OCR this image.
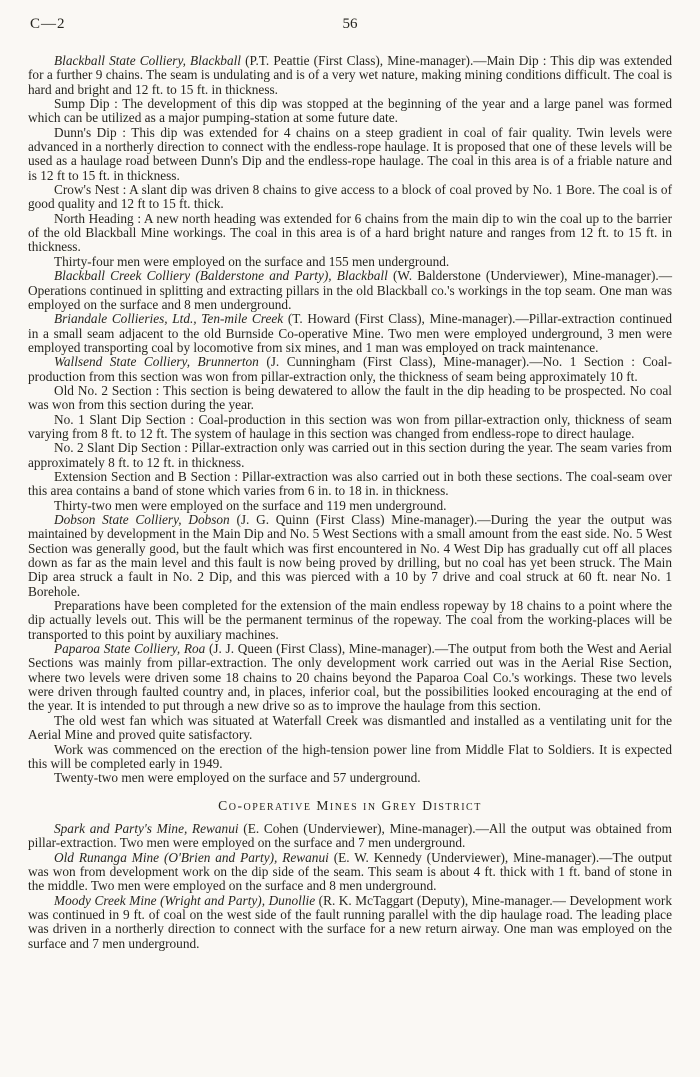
C—2	56

Blackball State Colliery, Blackball (P.T. Peattie (First Class), Mine-manager).—Main Dip : This dip was extended for a further 9 chains. The seam is undulating and is of a very wet nature, making mining conditions difficult. The coal is hard and bright and 12 ft. to 15 ft. in thickness.

Sump Dip : The development of this dip was stopped at the beginning of the year and a large panel was formed which can be utilized as a major pumping-station at some future date.

Dunn's Dip : This dip was extended for 4 chains on a steep gradient in coal of fair quality. Twin levels were advanced in a northerly direction to connect with the endless-rope haulage. It is proposed that one of these levels will be used as a haulage road between Dunn's Dip and the endless-rope haulage. The coal in this area is of a friable nature and is 12 ft to 15 ft. in thickness.

Crow's Nest : A slant dip was driven 8 chains to give access to a block of coal proved by No. 1 Bore. The coal is of good quality and 12 ft to 15 ft. thick.

North Heading : A new north heading was extended for 6 chains from the main dip to win the coal up to the barrier of the old Blackball Mine workings. The coal in this area is of a hard bright nature and ranges from 12 ft. to 15 ft. in thickness.

Thirty-four men were employed on the surface and 155 men underground.

Blackball Creek Colliery (Balderstone and Party), Blackball (W. Balderstone (Underviewer), Mine-manager).—Operations continued in splitting and extracting pillars in the old Blackball co.'s workings in the top seam. One man was employed on the surface and 8 men underground.

Briandale Collieries, Ltd., Ten-mile Creek (T. Howard (First Class), Mine-manager).—Pillar-extraction continued in a small seam adjacent to the old Burnside Co-operative Mine. Two men were employed underground, 3 men were employed transporting coal by locomotive from six mines, and 1 man was employed on track maintenance.

Wallsend State Colliery, Brunnerton (J. Cunningham (First Class), Mine-manager).—No. 1 Section : Coal-production from this section was won from pillar-extraction only, the thickness of seam being approximately 10 ft.

Old No. 2 Section : This section is being dewatered to allow the fault in the dip heading to be prospected. No coal was won from this section during the year.

No. 1 Slant Dip Section : Coal-production in this section was won from pillar-extraction only, thickness of seam varying from 8 ft. to 12 ft. The system of haulage in this section was changed from endless-rope to direct haulage.

No. 2 Slant Dip Section : Pillar-extraction only was carried out in this section during the year. The seam varies from approximately 8 ft. to 12 ft. in thickness.

Extension Section and B Section : Pillar-extraction was also carried out in both these sections. The coal-seam over this area contains a band of stone which varies from 6 in. to 18 in. in thickness.

Thirty-two men were employed on the surface and 119 men underground.

Dobson State Colliery, Dobson (J. G. Quinn (First Class) Mine-manager).—During the year the output was maintained by development in the Main Dip and No. 5 West Sections with a small amount from the east side. No. 5 West Section was generally good, but the fault which was first encountered in No. 4 West Dip has gradually cut off all places down as far as the main level and this fault is now being proved by drilling, but no coal has yet been struck. The Main Dip area struck a fault in No. 2 Dip, and this was pierced with a 10 by 7 drive and coal struck at 60 ft. near No. 1 Borehole.

Preparations have been completed for the extension of the main endless ropeway by 18 chains to a point where the dip actually levels out. This will be the permanent terminus of the ropeway. The coal from the working-places will be transported to this point by auxiliary machines.

Paparoa State Colliery, Roa (J. J. Queen (First Class), Mine-manager).—The output from both the West and Aerial Sections was mainly from pillar-extraction. The only development work carried out was in the Aerial Rise Section, where two levels were driven some 18 chains to 20 chains beyond the Paparoa Coal Co.'s workings. These two levels were driven through faulted country and, in places, inferior coal, but the possibilities looked encouraging at the end of the year. It is intended to put through a new drive so as to improve the haulage from this section.

The old west fan which was situated at Waterfall Creek was dismantled and installed as a ventilating unit for the Aerial Mine and proved quite satisfactory.

Work was commenced on the erection of the high-tension power line from Middle Flat to Soldiers. It is expected this will be completed early in 1949.

Twenty-two men were employed on the surface and 57 underground.

Co-operative Mines in Grey District

Spark and Party's Mine, Rewanui (E. Cohen (Underviewer), Mine-manager).—All the output was obtained from pillar-extraction. Two men were employed on the surface and 7 men underground.

Old Runanga Mine (O'Brien and Party), Rewanui (E. W. Kennedy (Underviewer), Mine-manager).—The output was won from development work on the dip side of the seam. This seam is about 4 ft. thick with 1 ft. band of stone in the middle. Two men were employed on the surface and 8 men underground.

Moody Creek Mine (Wright and Party), Dunollie (R. K. McTaggart (Deputy), Mine-manager.— Development work was continued in 9 ft. of coal on the west side of the fault running parallel with the dip haulage road. The leading place was driven in a northerly direction to connect with the surface for a new return airway. One man was employed on the surface and 7 men underground.
